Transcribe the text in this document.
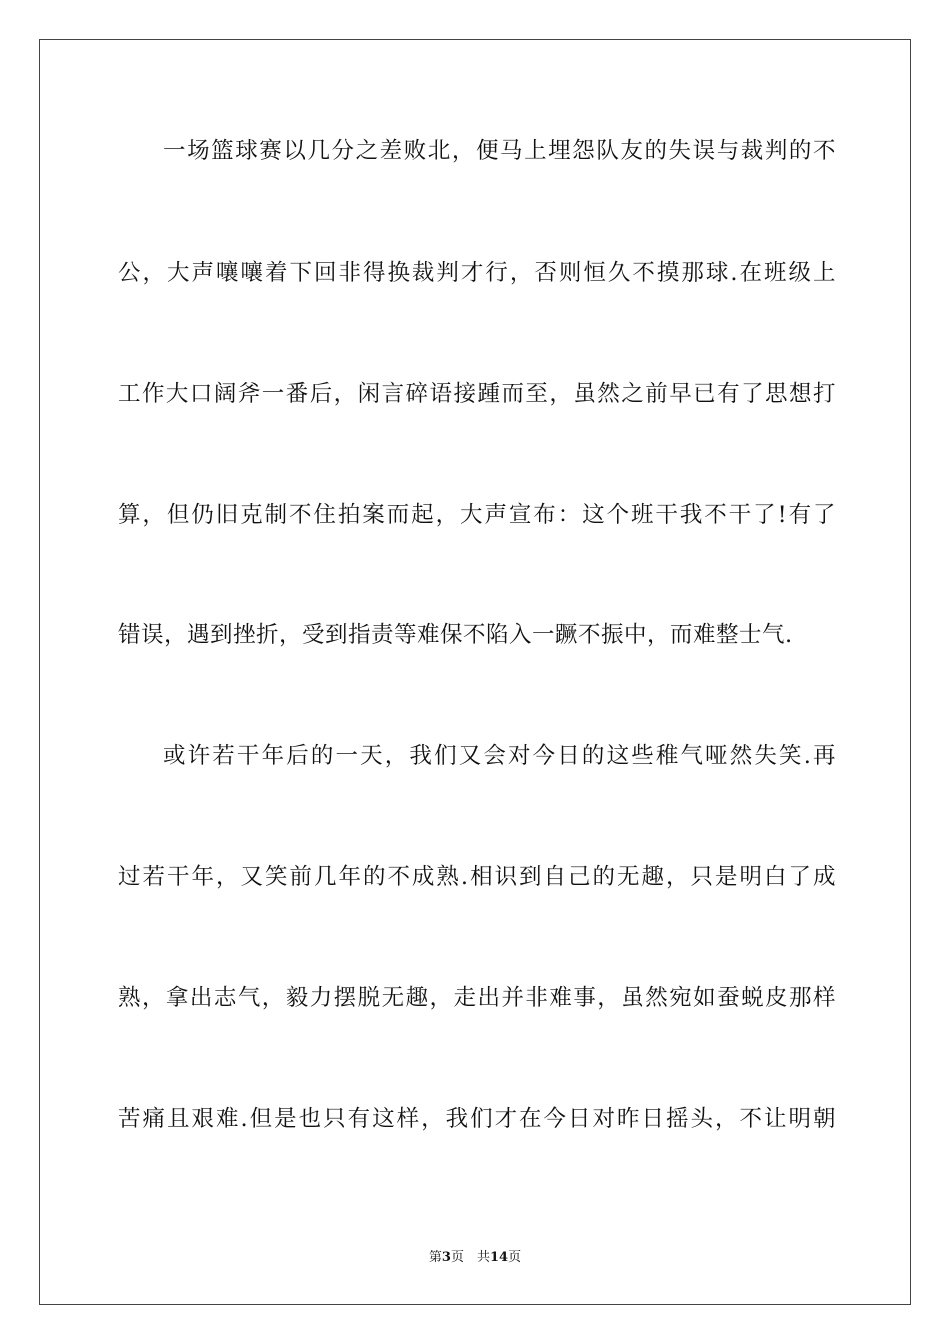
一场篮球赛以几分之差败北，便马上埋怨队友的失误与裁判的不
公，大声嚷嚷着下回非得换裁判才行，否则恒久不摸那球.在班级上
工作大口阔斧一番后，闲言碎语接踵而至，虽然之前早已有了思想打
算，但仍旧克制不住拍案而起，大声宣布：这个班干我不干了!有了
错误，遇到挫折，受到指责等难保不陷入一蹶不振中，而难整士气.
或许若干年后的一天，我们又会对今日的这些稚气哑然失笑.再
过若干年，又笑前几年的不成熟.相识到自己的无趣，只是明白了成
熟，拿出志气，毅力摆脱无趣，走出并非难事，虽然宛如蚕蜕皮那样
苦痛且艰难.但是也只有这样，我们才在今日对昨日摇头，不让明朝
第3页　共14页
